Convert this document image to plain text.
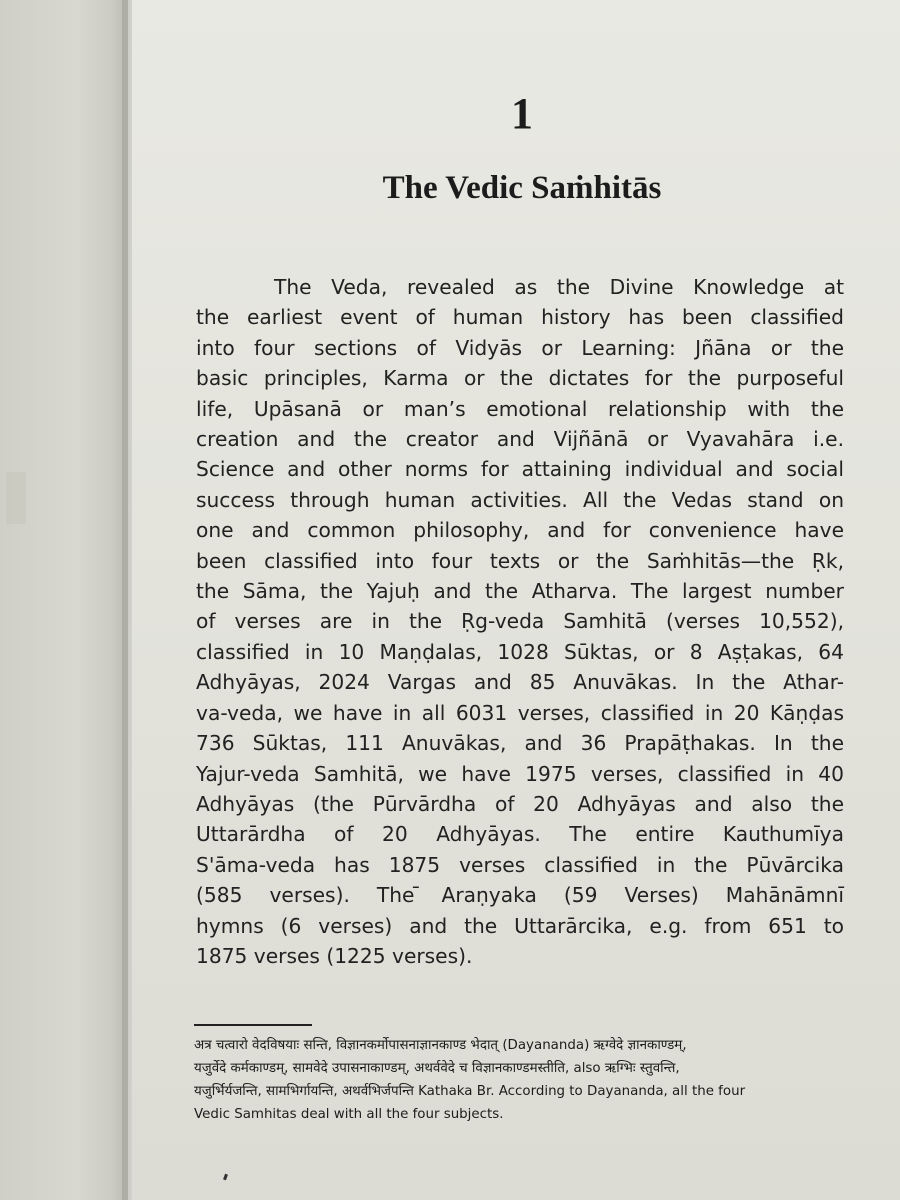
1
The Vedic Saṁhitās
The Veda, revealed as the Divine Knowledge at
the earliest event of human history has been classified
into four sections of Vidyās or Learning: Jñāna or the
basic principles, Karma or the dictates for the purposeful
life, Upāsanā or man’s emotional relationship with the
creation and the creator and Vijñānā or Vyavahāra i.e.
Science and other norms for attaining individual and social
success through human activities. All the Vedas stand on
one and common philosophy, and for convenience have
been classified into four texts or the Saṁhitās—the Ṛk,
the Sāma, the Yajuḥ and the Atharva. The largest number
of verses are in the Ṛg-veda Samhitā (verses 10,552),
classified in 10 Maṇḍalas, 1028 Sūktas, or 8 Aṣṭakas, 64
Adhyāyas, 2024 Vargas and 85 Anuvākas. In the Athar-
va-veda, we have in all 6031 verses, classified in 20 Kāṇḍas
736 Sūktas, 111 Anuvākas, and 36 Prapāṭhakas. In the
Yajur-veda Samhitā, we have 1975 verses, classified in 40
Adhyāyas (the Pūrvārdha of 20 Adhyāyas and also the
Uttarārdha of 20 Adhyāyas. The entire Kauthumīya
S'āma-veda has 1875 verses classified in the Pūvārcika
(585 verses). The ̄Araṇyaka (59 Verses) Mahānāmnī
hymns (6 verses) and the Uttarārcika, e.g. from 651 to
1875 verses (1225 verses).
अत्र चत्वारो वेदविषयाः सन्ति, विज्ञानकर्मोपासनाज्ञानकाण्ड भेदात् (Dayananda) ऋग्वेदे ज्ञानकाण्डम्,
यजुर्वेदे कर्मकाण्डम्, सामवेदे उपासनाकाण्डम्, अथर्ववेदे च विज्ञानकाण्डमस्तीति, also ऋग्भिः स्तुवन्ति,
यजुर्भिर्यजन्ति, सामभिर्गायन्ति, अथर्वभिर्जपन्ति Kathaka Br. According to Dayananda, all the four
Vedic Samhitas deal with all the four subjects.
